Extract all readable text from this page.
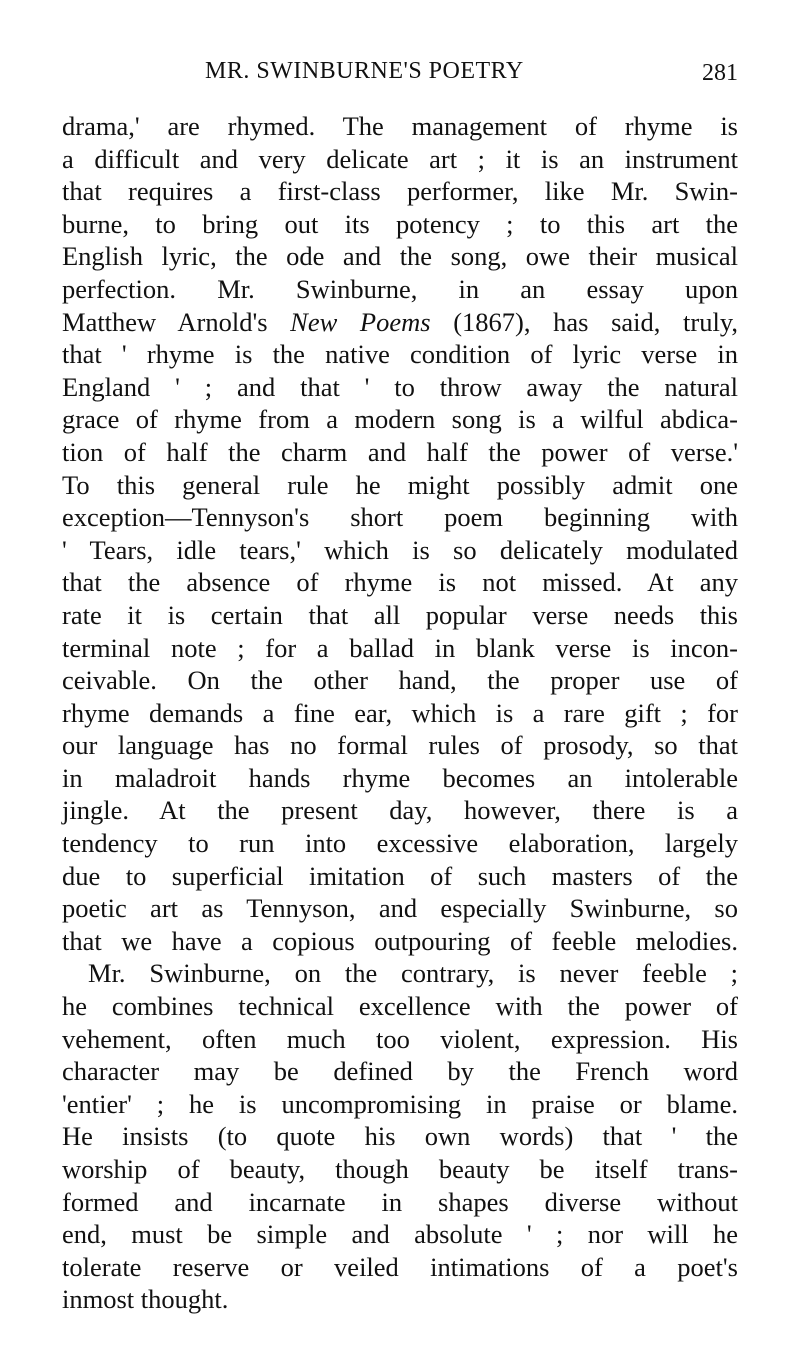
MR. SWINBURNE'S POETRY	281
drama,' are rhymed. The management of rhyme is
a difficult and very delicate art ; it is an instrument
that requires a first-class performer, like Mr. Swin-
burne, to bring out its potency ; to this art the
English lyric, the ode and the song, owe their musical
perfection. Mr. Swinburne, in an essay upon
Matthew Arnold's New Poems (1867), has said, truly,
that ' rhyme is the native condition of lyric verse in
England ' ; and that ' to throw away the natural
grace of rhyme from a modern song is a wilful abdica-
tion of half the charm and half the power of verse.'
To this general rule he might possibly admit one
exception—Tennyson's short poem beginning with
' Tears, idle tears,' which is so delicately modulated
that the absence of rhyme is not missed. At any
rate it is certain that all popular verse needs this
terminal note ; for a ballad in blank verse is incon-
ceivable. On the other hand, the proper use of
rhyme demands a fine ear, which is a rare gift ; for
our language has no formal rules of prosody, so that
in maladroit hands rhyme becomes an intolerable
jingle. At the present day, however, there is a
tendency to run into excessive elaboration, largely
due to superficial imitation of such masters of the
poetic art as Tennyson, and especially Swinburne, so
that we have a copious outpouring of feeble melodies.
Mr. Swinburne, on the contrary, is never feeble ;
he combines technical excellence with the power of
vehement, often much too violent, expression. His
character may be defined by the French word
'entier' ; he is uncompromising in praise or blame.
He insists (to quote his own words) that ' the
worship of beauty, though beauty be itself trans-
formed and incarnate in shapes diverse without
end, must be simple and absolute ' ; nor will he
tolerate reserve or veiled intimations of a poet's
inmost thought.
